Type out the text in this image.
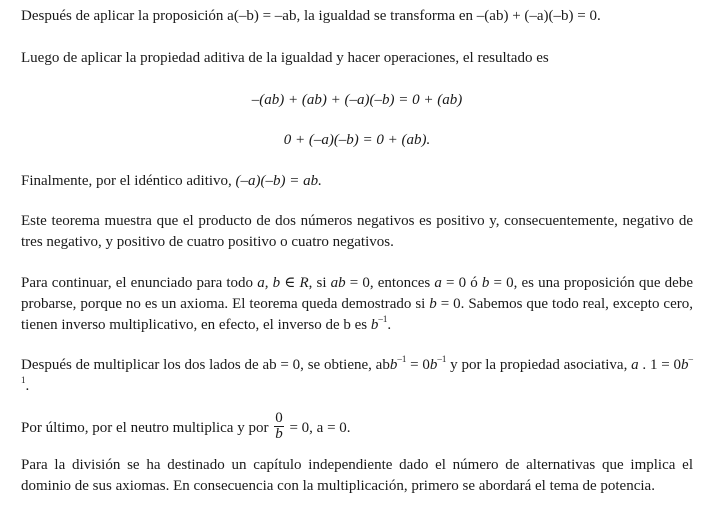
Después de aplicar la proposición a(–b) = –ab, la igualdad se transforma en –(ab) + (–a)(–b) = 0.

Luego de aplicar la propiedad aditiva de la igualdad y hacer operaciones, el resultado es

–(ab) + (ab) + (–a)(–b) = 0 + (ab)

0 + (–a)(–b) = 0 + (ab).

Finalmente, por el idéntico aditivo, (–a)(–b) = ab.

Este teorema muestra que el producto de dos números negativos es positivo y, consecuentemente, negativo de tres negativo, y positivo de cuatro positivo o cuatro negativos.

Para continuar, el enunciado para todo a, b ∈ R, si ab = 0, entonces a = 0 ó b = 0, es una proposición que debe probarse, porque no es un axioma. El teorema queda demostrado si b = 0. Sabemos que todo real, excepto cero, tienen inverso multiplicativo, en efecto, el inverso de b es $b^{-1}$.

Después de multiplicar los dos lados de ab = 0, se obtiene, $abb^{-1} = 0b^{-1}$ y por la propiedad asociativa, a . $1 = 0b^{-1}$.

Por último, por el neutro multiplica y por $\frac{0}{b} = 0$, a = 0.

Para la división se ha destinado un capítulo independiente dado el número de alternativas que implica el dominio de sus axiomas. En consecuencia con la multiplicación, primero se abordará el tema de potencia.
